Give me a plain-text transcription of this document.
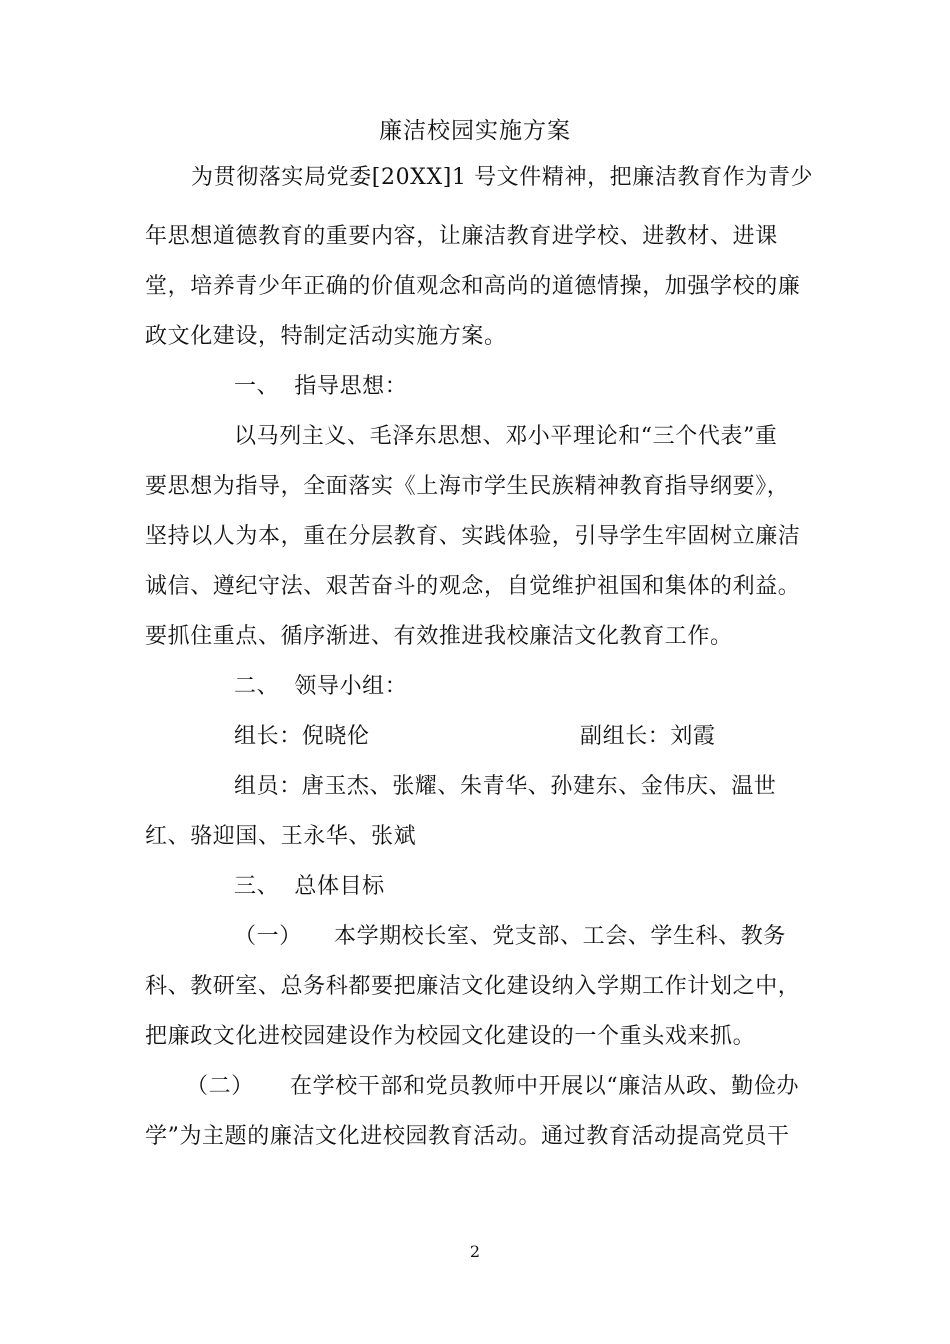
廉洁校园实施方案
为贯彻落实局党委[20XX]1 号文件精神，把廉洁教育作为青少
年思想道德教育的重要内容，让廉洁教育进学校、进教材、进课
堂，培养青少年正确的价值观念和高尚的道德情操，加强学校的廉
政文化建设，特制定活动实施方案。
一、  指导思想：
以马列主义、毛泽东思想、邓小平理论和“三个代表”重
要思想为指导，全面落实《上海市学生民族精神教育指导纲要》，
坚持以人为本，重在分层教育、实践体验，引导学生牢固树立廉洁
诚信、遵纪守法、艰苦奋斗的观念，自觉维护祖国和集体的利益。
要抓住重点、循序渐进、有效推进我校廉洁文化教育工作。
二、  领导小组：
组长：倪晓伦	副组长：刘霞
组员：唐玉杰、张耀、朱青华、孙建东、金伟庆、温世
红、骆迎国、王永华、张斌
三、  总体目标
（一） 本学期校长室、党支部、工会、学生科、教务
科、教研室、总务科都要把廉洁文化建设纳入学期工作计划之中，
把廉政文化进校园建设作为校园文化建设的一个重头戏来抓。
（二） 在学校干部和党员教师中开展以“廉洁从政、勤俭办
学”为主题的廉洁文化进校园教育活动。通过教育活动提高党员干
2
